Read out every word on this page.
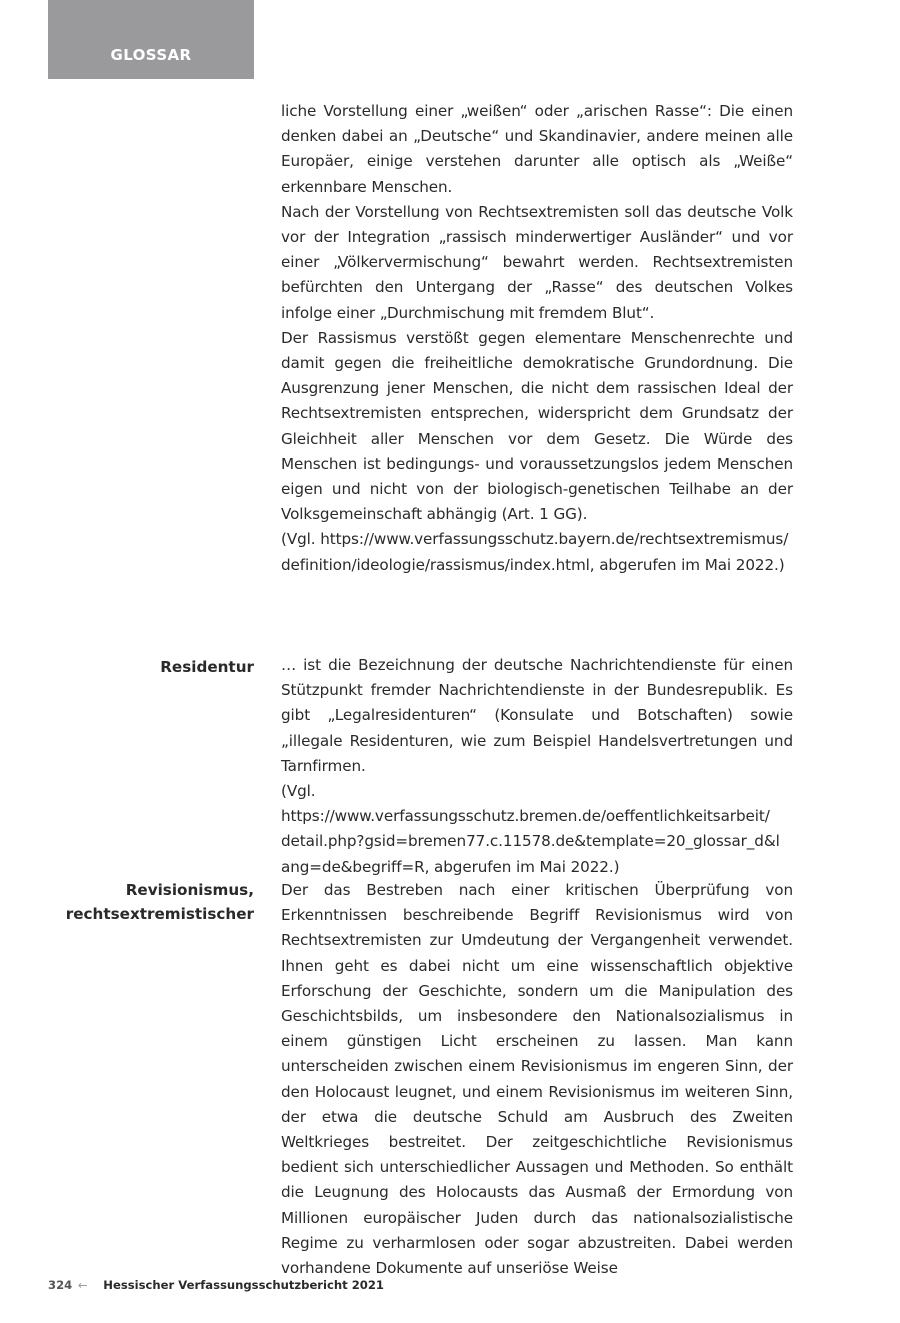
GLOSSAR

liche Vorstellung einer „weißen“ oder „arischen Rasse“: Die einen denken dabei an „Deutsche“ und Skandinavier, andere meinen alle Europäer, einige verstehen darunter alle optisch als „Weiße“ erkennbare Menschen.

Nach der Vorstellung von Rechtsextremisten soll das deutsche Volk vor der Integration „rassisch minderwertiger Ausländer“ und vor einer „Völkervermischung“ bewahrt werden. Rechtsextremisten befürchten den Untergang der „Rasse“ des deutschen Volkes infolge einer „Durchmischung mit fremdem Blut“.

Der Rassismus verstößt gegen elementare Menschenrechte und damit gegen die freiheitliche demokratische Grundordnung. Die Ausgrenzung jener Menschen, die nicht dem rassischen Ideal der Rechtsextremisten entsprechen, widerspricht dem Grundsatz der Gleichheit aller Menschen vor dem Gesetz. Die Würde des Menschen ist bedingungs- und voraussetzungslos jedem Menschen eigen und nicht von der biologisch-genetischen Teilhabe an der Volksgemeinschaft abhängig (Art. 1 GG).

(Vgl. https://www.verfassungsschutz.bayern.de/rechtsextremismus/ definition/ideologie/rassismus/index.html, abgerufen im Mai 2022.)

Residentur … ist die Bezeichnung der deutsche Nachrichtendienste für einen Stützpunkt fremder Nachrichtendienste in der Bundesrepublik. Es gibt „Legalresidenturen“ (Konsulate und Botschaften) sowie „illegale Residenturen, wie zum Beispiel Handelsvertretungen und Tarnfirmen.

(Vgl. https://www.verfassungsschutz.bremen.de/oeffentlichkeitsarbeit/ detail.php?gsid=bremen77.c.11578.de&template=20_glossar_d&l ang=de&begriff=R, abgerufen im Mai 2022.)

Revisionismus,
rechtsextremistischer

Der das Bestreben nach einer kritischen Überprüfung von Erkenntnissen beschreibende Begriff Revisionismus wird von Rechtsextremisten zur Umdeutung der Vergangenheit verwendet. Ihnen geht es dabei nicht um eine wissenschaftlich objektive Erforschung der Geschichte, sondern um die Manipulation des Geschichtsbilds, um insbesondere den Nationalsozialismus in einem günstigen Licht erscheinen zu lassen. Man kann unterscheiden zwischen einem Revisionismus im engeren Sinn, der den Holocaust leugnet, und einem Revisionismus im weiteren Sinn, der etwa die deutsche Schuld am Ausbruch des Zweiten Weltkrieges bestreitet. Der zeitgeschichtliche Revisionismus bedient sich unterschiedlicher Aussagen und Methoden. So enthält die Leugnung des Holocausts das Ausmaß der Ermordung von Millionen europäischer Juden durch das nationalsozialistische Regime zu verharmlosen oder sogar abzustreiten. Dabei werden vorhandene Dokumente auf unseriöse Weise

324 ← Hessischer Verfassungsschutzbericht 2021
